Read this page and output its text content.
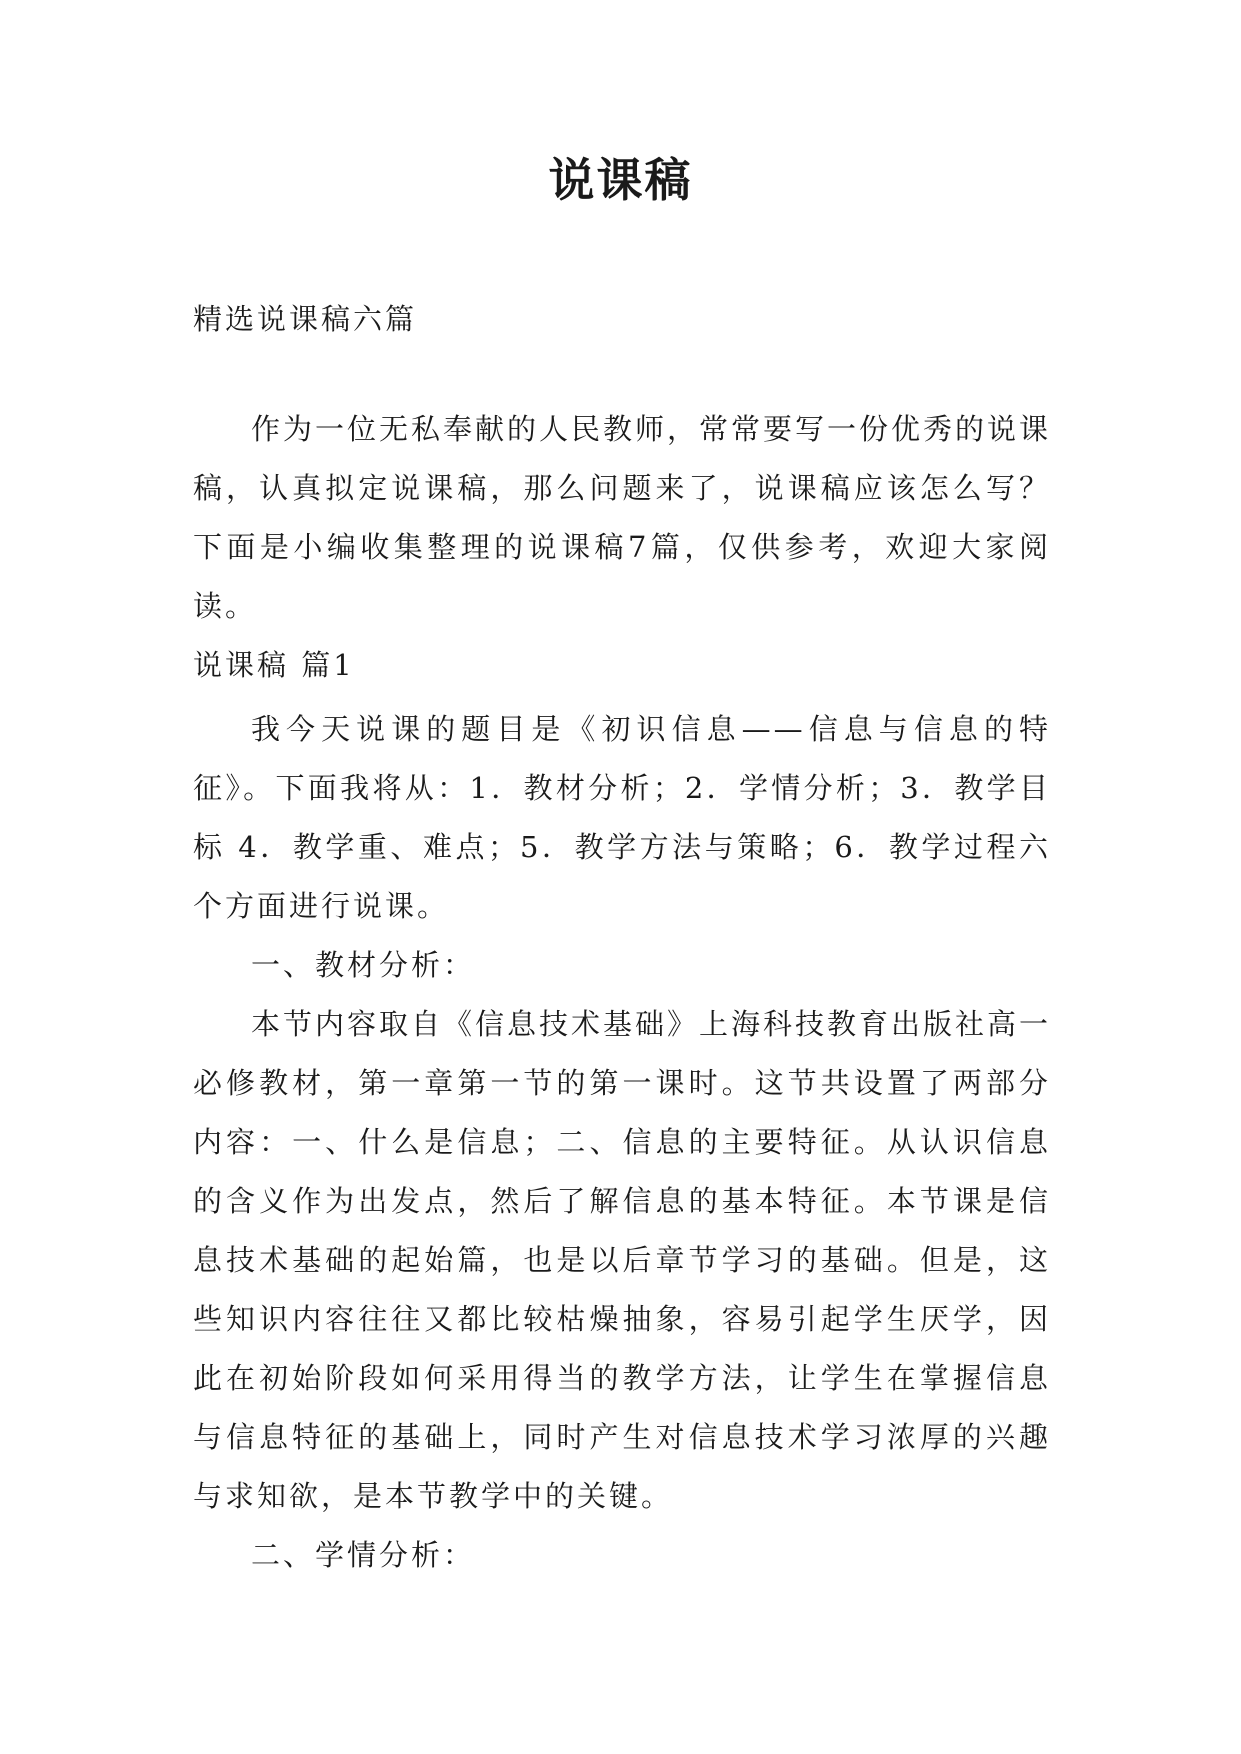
说课稿
精选说课稿六篇

作为一位无私奉献的人民教师，常常要写一份优秀的说课稿，认真拟定说课稿，那么问题来了，说课稿应该怎么写？下面是小编收集整理的说课稿7篇，仅供参考，欢迎大家阅读。

说课稿 篇1

我今天说课的题目是《初识信息——信息与信息的特征》。下面我将从：1．教材分析；2．学情分析；3．教学目标 4．教学重、难点；5．教学方法与策略；6．教学过程六个方面进行说课。

一、教材分析：

本节内容取自《信息技术基础》上海科技教育出版社高一必修教材，第一章第一节的第一课时。这节共设置了两部分内容：一、什么是信息；二、信息的主要特征。从认识信息的含义作为出发点，然后了解信息的基本特征。本节课是信息技术基础的起始篇，也是以后章节学习的基础。但是，这些知识内容往往又都比较枯燥抽象，容易引起学生厌学，因此在初始阶段如何采用得当的教学方法，让学生在掌握信息与信息特征的基础上，同时产生对信息技术学习浓厚的兴趣与求知欲，是本节教学中的关键。

二、学情分析：
